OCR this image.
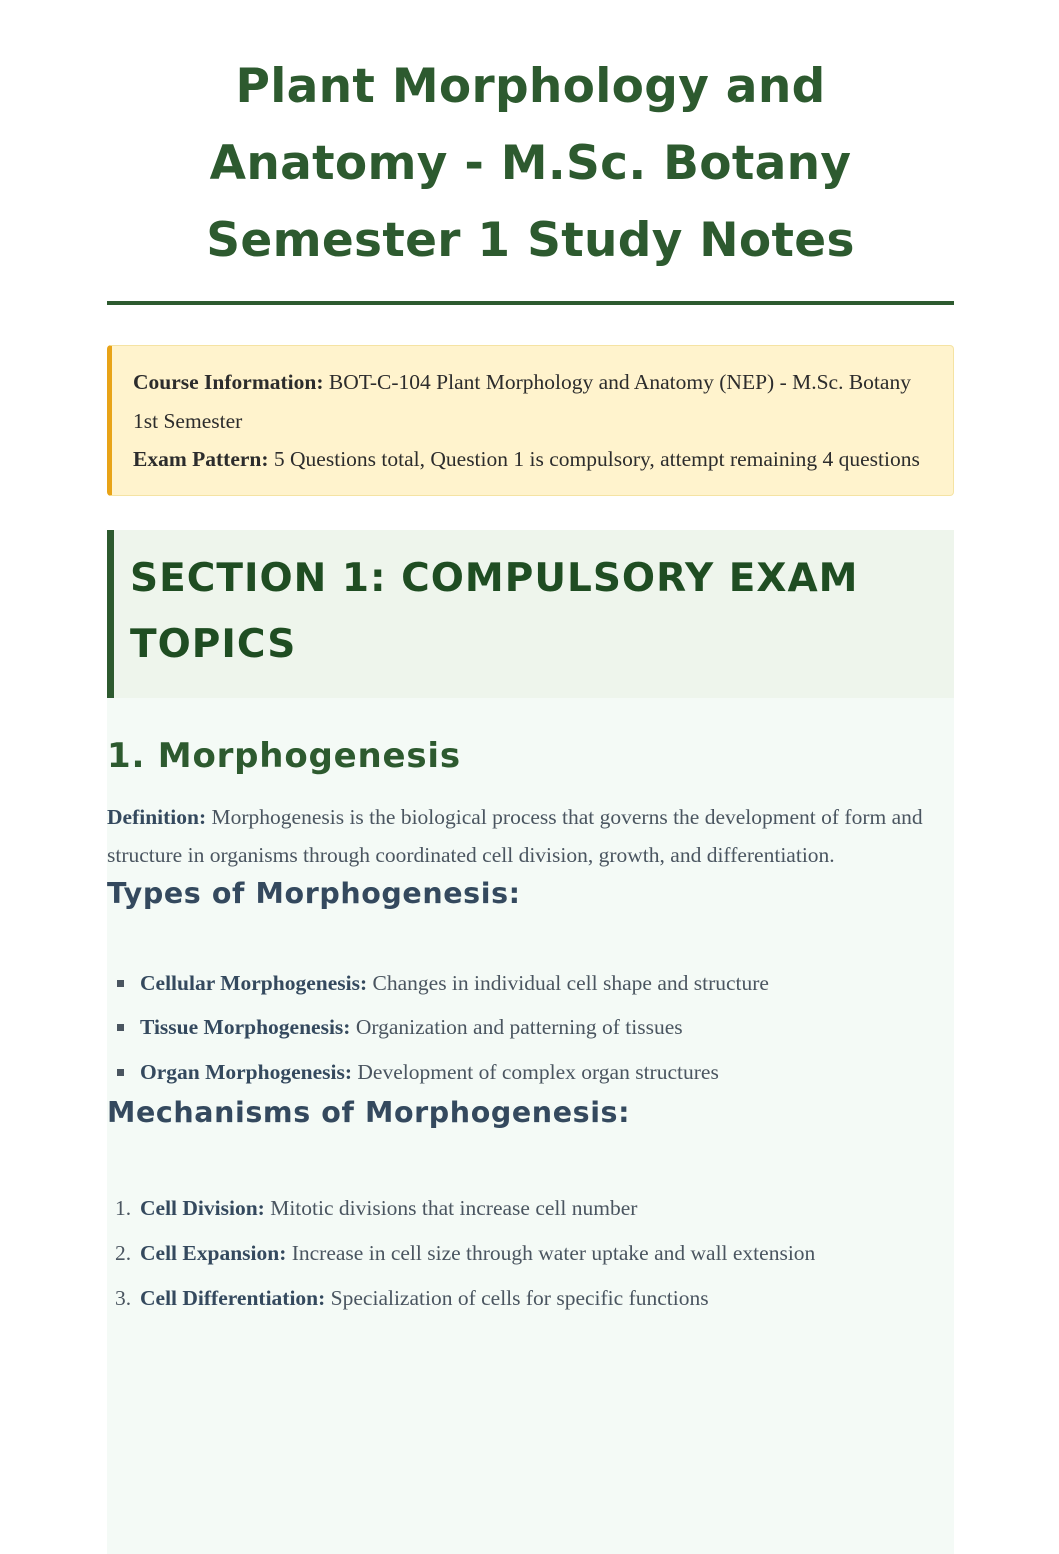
Plant Morphology and
Anatomy - M.Sc. Botany
Semester 1 Study Notes

Course Information: BOT-C-104 Plant Morphology and Anatomy (NEP) - M.Sc. Botany 1st Semester

Exam Pattern: 5 Questions total, Question 1 is compulsory, attempt remaining 4 questions

SECTION 1: COMPULSORY EXAM TOPICS
1. Morphogenesis

Definition: Morphogenesis is the biological process that governs the development of form and structure in organisms through coordinated cell division, growth, and differentiation.

Types of Morphogenesis:
Cellular Morphogenesis: Changes in individual cell shape and structure
Tissue Morphogenesis: Organization and patterning of tissues
Organ Morphogenesis: Development of complex organ structures
Mechanisms of Morphogenesis:
1. Cell Division: Mitotic divisions that increase cell number
2. Cell Expansion: Increase in cell size through water uptake and wall extension
3. Cell Differentiation: Specialization of cells for specific functions
